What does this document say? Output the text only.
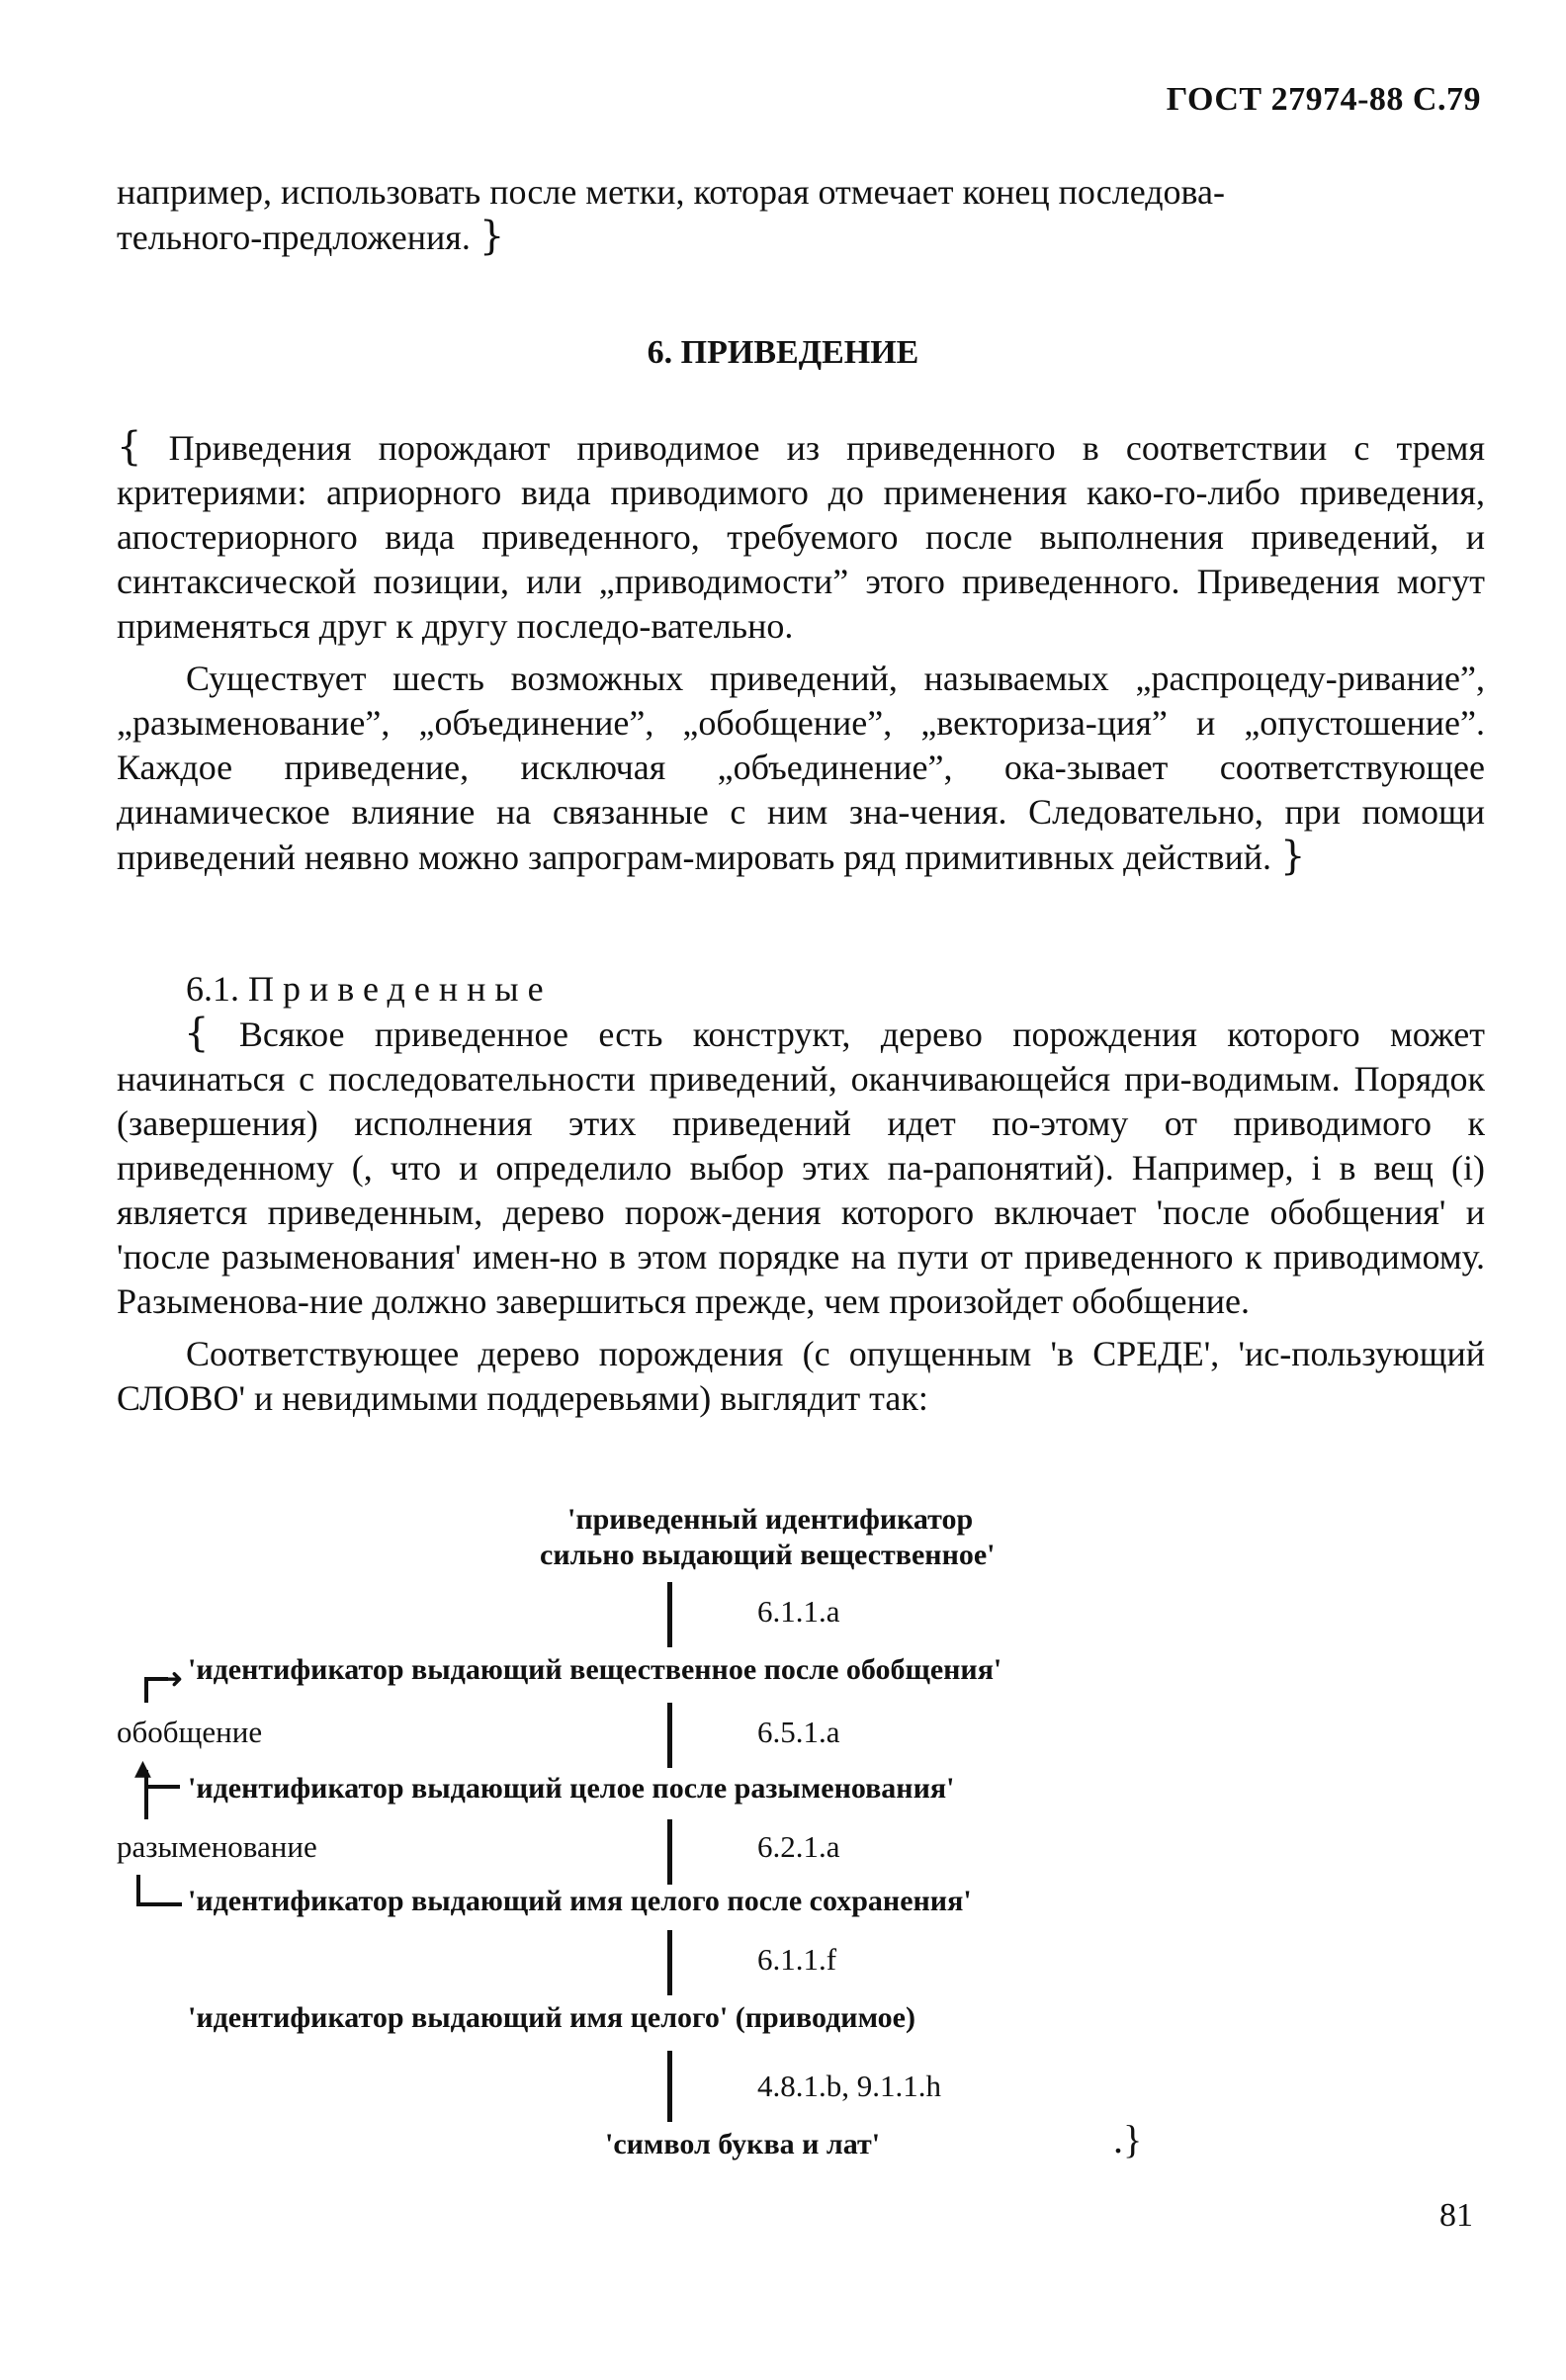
ГОСТ 27974-88 С.79

например, использовать после метки, которая отмечает конец последова-

тельного-предложения. }

6. ПРИВЕДЕНИЕ

{ Приведения порождают приводимое из приведенного в соответствии с тремя критериями: априорного вида приводимого до применения како-го-либо приведения, апостериорного вида приведенного, требуемого после выполнения приведений, и синтаксической позиции, или „приводимости” этого приведенного. Приведения могут применяться друг к другу последо-вательно.

Существует шесть возможных приведений, называемых „распроцеду-ривание”, „разыменование”, „объединение”, „обобщение”, „векториза-ция” и „опустошение”. Каждое приведение, исключая „объединение”, ока-зывает соответствующее динамическое влияние на связанные с ним зна-чения. Следовательно, при помощи приведений неявно можно запрограм-мировать ряд примитивных действий. }

6.1. Приведенные

{ Всякое приведенное есть конструкт, дерево порождения которого может начинаться с последовательности приведений, оканчивающейся при-водимым. Порядок (завершения) исполнения этих приведений идет по-этому от приводимого к приведенному (, что и определило выбор этих па-рапонятий). Например, i в вещ (i) является приведенным, дерево порож-дения которого включает 'после обобщения' и 'после разыменования' имен-но в этом порядке на пути от приведенного к приводимому. Разыменова-ние должно завершиться прежде, чем произойдет обобщение.

Соответствующее дерево порождения (с опущенным 'в СРЕДЕ', 'ис-пользующий СЛОВО' и невидимыми поддеревьями) выглядит так:

'приведенный идентификатор
сильно выдающий вещественное'
6.1.1.a
'идентификатор выдающий вещественное после обобщения'
➜
обобщение	6.5.1.a
'идентификатор выдающий целое после разыменования'
▲
разыменование	6.2.1.a
'идентификатор выдающий имя целого после сохранения'
6.1.1.f
'идентификатор выдающий имя целого' (приводимое)
4.8.1.b, 9.1.1.h
'символ буква и лат'	.}
81
